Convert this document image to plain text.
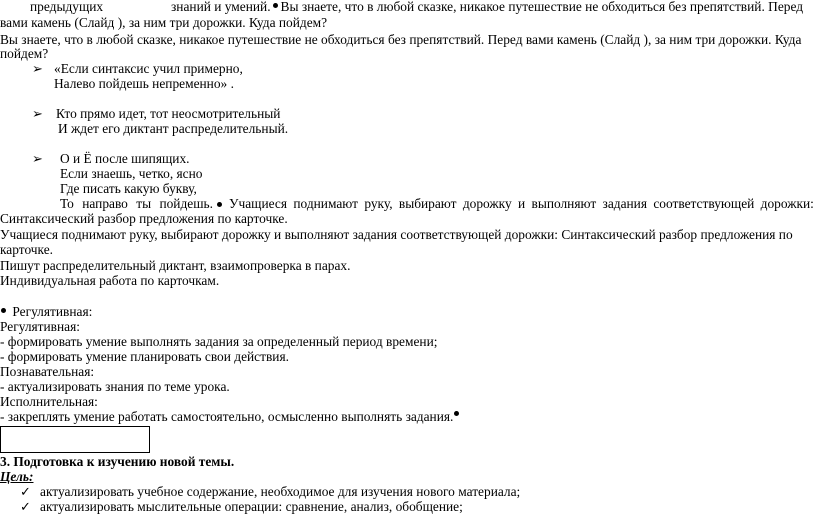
предыдущих	знаний и умений. Вы знаете, что в любой сказке, никакое путешествие не обходиться без препятствий. Перед
вами камень (Слайд ), за ним три дорожки. Куда пойдем?
Вы знаете, что в любой сказке, никакое путешествие не обходиться без препятствий. Перед вами камень (Слайд ), за ним три дорожки. Куда
пойдем?
➢ «Если синтаксис учил примерно,
Налево пойдешь непременно» .
➢ Кто прямо идет, тот неосмотрительный
И ждет его диктант распределительный.
➢ О и Ё после шипящих.
Если знаешь, четко, ясно
Где писать какую букву,
То направо ты пойдешь. Учащиеся поднимают руку, выбирают дорожку и выполняют задания соответствующей дорожки:
Синтаксический разбор предложения по карточке.
Учащиеся поднимают руку, выбирают дорожку и выполняют задания соответствующей дорожки: Синтаксический разбор предложения по
карточке.
Пишут распределительный диктант, взаимопроверка в парах.
Индивидуальная работа по карточкам.
Регулятивная:
Регулятивная:
- формировать умение выполнять задания за определенный период времени;
- формировать умение планировать свои действия.
Познавательная:
- актуализировать знания по теме урока.
Исполнительная:
- закреплять умение работать самостоятельно, осмысленно выполнять задания.
3. Подготовка к изучению новой темы.
Цель:
✓ актуализировать учебное содержание, необходимое для изучения нового материала;
✓ актуализировать мыслительные операции: сравнение, анализ, обобщение;
